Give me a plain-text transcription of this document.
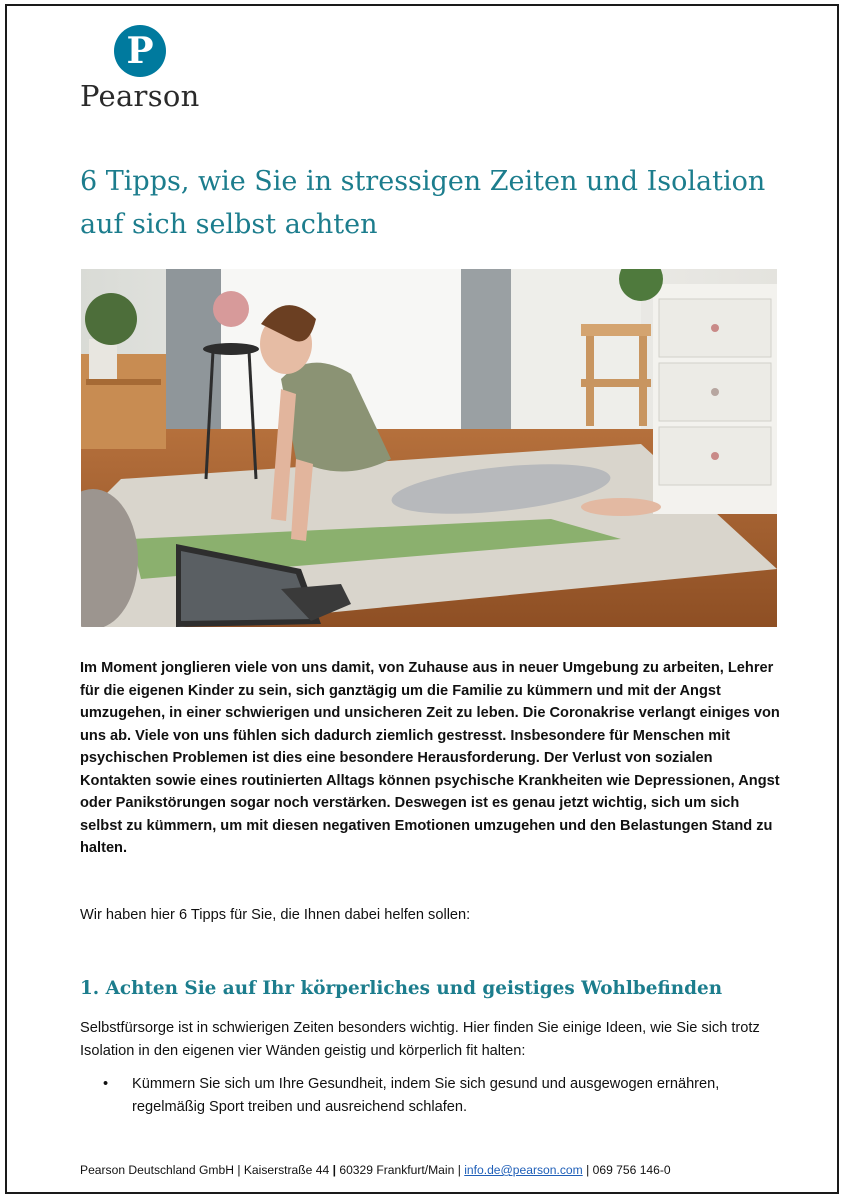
P
Pearson
6 Tipps, wie Sie in stressigen Zeiten und Isolation auf sich selbst achten

Im Moment jonglieren viele von uns damit, von Zuhause aus in neuer Umgebung zu arbeiten, Lehrer für die eigenen Kinder zu sein, sich ganztägig um die Familie zu kümmern und mit der Angst umzugehen, in einer schwierigen und unsicheren Zeit zu leben. Die Coronakrise verlangt einiges von uns ab. Viele von uns fühlen sich dadurch ziemlich gestresst. Insbesondere für Menschen mit psychischen Problemen ist dies eine besondere Herausforderung. Der Verlust von sozialen Kontakten sowie eines routinierten Alltags können psychische Krankheiten wie Depressionen, Angst oder Panikstörungen sogar noch verstärken. Deswegen ist es genau jetzt wichtig, sich um sich selbst zu kümmern, um mit diesen negativen Emotionen umzugehen und den Belastungen Stand zu halten.

Wir haben hier 6 Tipps für Sie, die Ihnen dabei helfen sollen:

1. Achten Sie auf Ihr körperliches und geistiges Wohlbefinden

Selbstfürsorge ist in schwierigen Zeiten besonders wichtig. Hier finden Sie einige Ideen, wie Sie sich trotz Isolation in den eigenen vier Wänden geistig und körperlich fit halten:

• Kümmern Sie sich um Ihre Gesundheit, indem Sie sich gesund und ausgewogen ernähren, regelmäßig Sport treiben und ausreichend schlafen.
Pearson Deutschland GmbH | Kaiserstraße 44 | 60329 Frankfurt/Main | info.de@pearson.com | 069 756 146-0
